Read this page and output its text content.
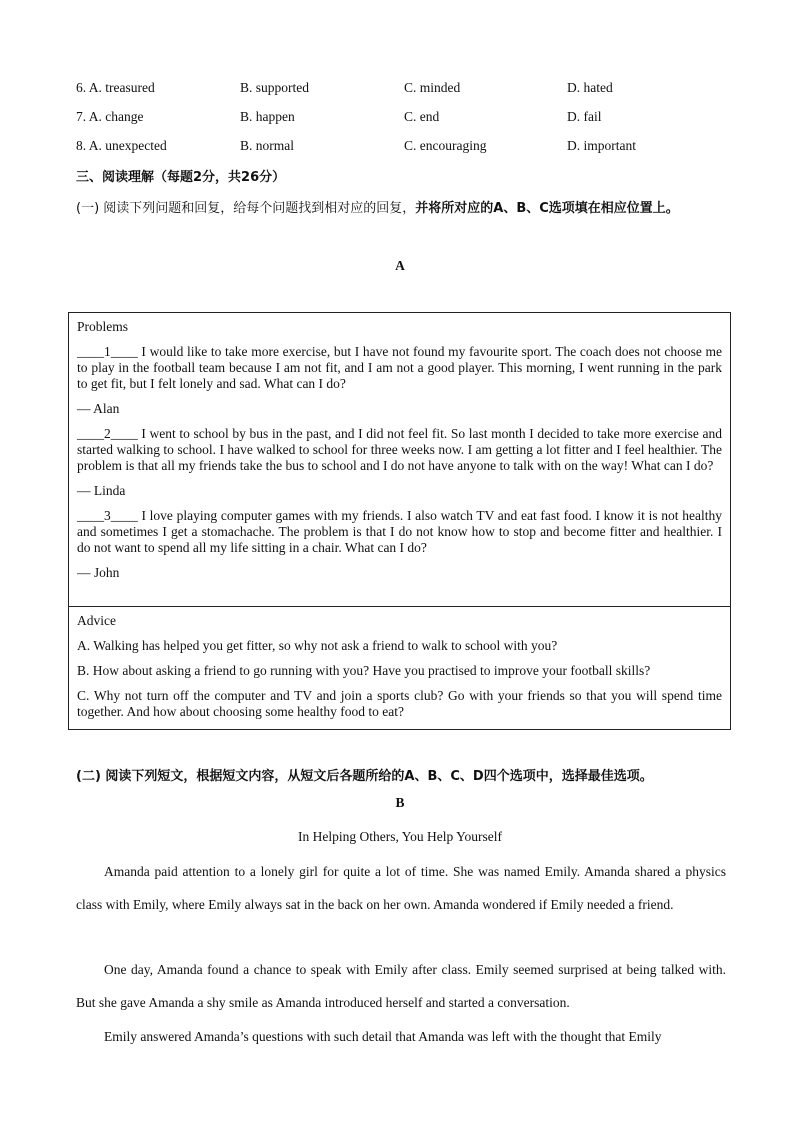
6. A. treasured	B. supported	C. minded	D. hated
7. A. change	B. happen	C. end	D. fail
8. A. unexpected	B. normal	C. encouraging	D. important
三、阅读理解（每题2分，共26分）
(一) 阅读下列问题和回复，给每个问题找到相对应的回复，并将所对应的A、B、C选项填在相应位置上。
A

Problems

____1____ I would like to take more exercise, but I have not found my favourite sport. The coach does not choose me to play in the football team because I am not fit, and I am not a good player. This morning, I went running in the park to get fit, but I felt lonely and sad. What can I do?

— Alan

____2____ I went to school by bus in the past, and I did not feel fit. So last month I decided to take more exercise and started walking to school. I have walked to school for three weeks now. I am getting a lot fitter and I feel healthier. The problem is that all my friends take the bus to school and I do not have anyone to talk with on the way! What can I do?

— Linda

____3____ I love playing computer games with my friends. I also watch TV and eat fast food. I know it is not healthy and sometimes I get a stomachache. The problem is that I do not know how to stop and become fitter and healthier. I do not want to spend all my life sitting in a chair. What can I do?

— John

Advice

A. Walking has helped you get fitter, so why not ask a friend to walk to school with you?

B. How about asking a friend to go running with you? Have you practised to improve your football skills?

C. Why not turn off the computer and TV and join a sports club? Go with your friends so that you will spend time together. And how about choosing some healthy food to eat?

(二) 阅读下列短文，根据短文内容，从短文后各题所给的A、B、C、D四个选项中，选择最佳选项。
B
In Helping Others, You Help Yourself
Amanda paid attention to a lonely girl for quite a lot of time. She was named Emily. Amanda shared a physics class with Emily, where Emily always sat in the back on her own. Amanda wondered if Emily needed a friend.
One day, Amanda found a chance to speak with Emily after class. Emily seemed surprised at being talked with. But she gave Amanda a shy smile as Amanda introduced herself and started a conversation.
Emily answered Amanda’s questions with such detail that Amanda was left with the thought that Emily
